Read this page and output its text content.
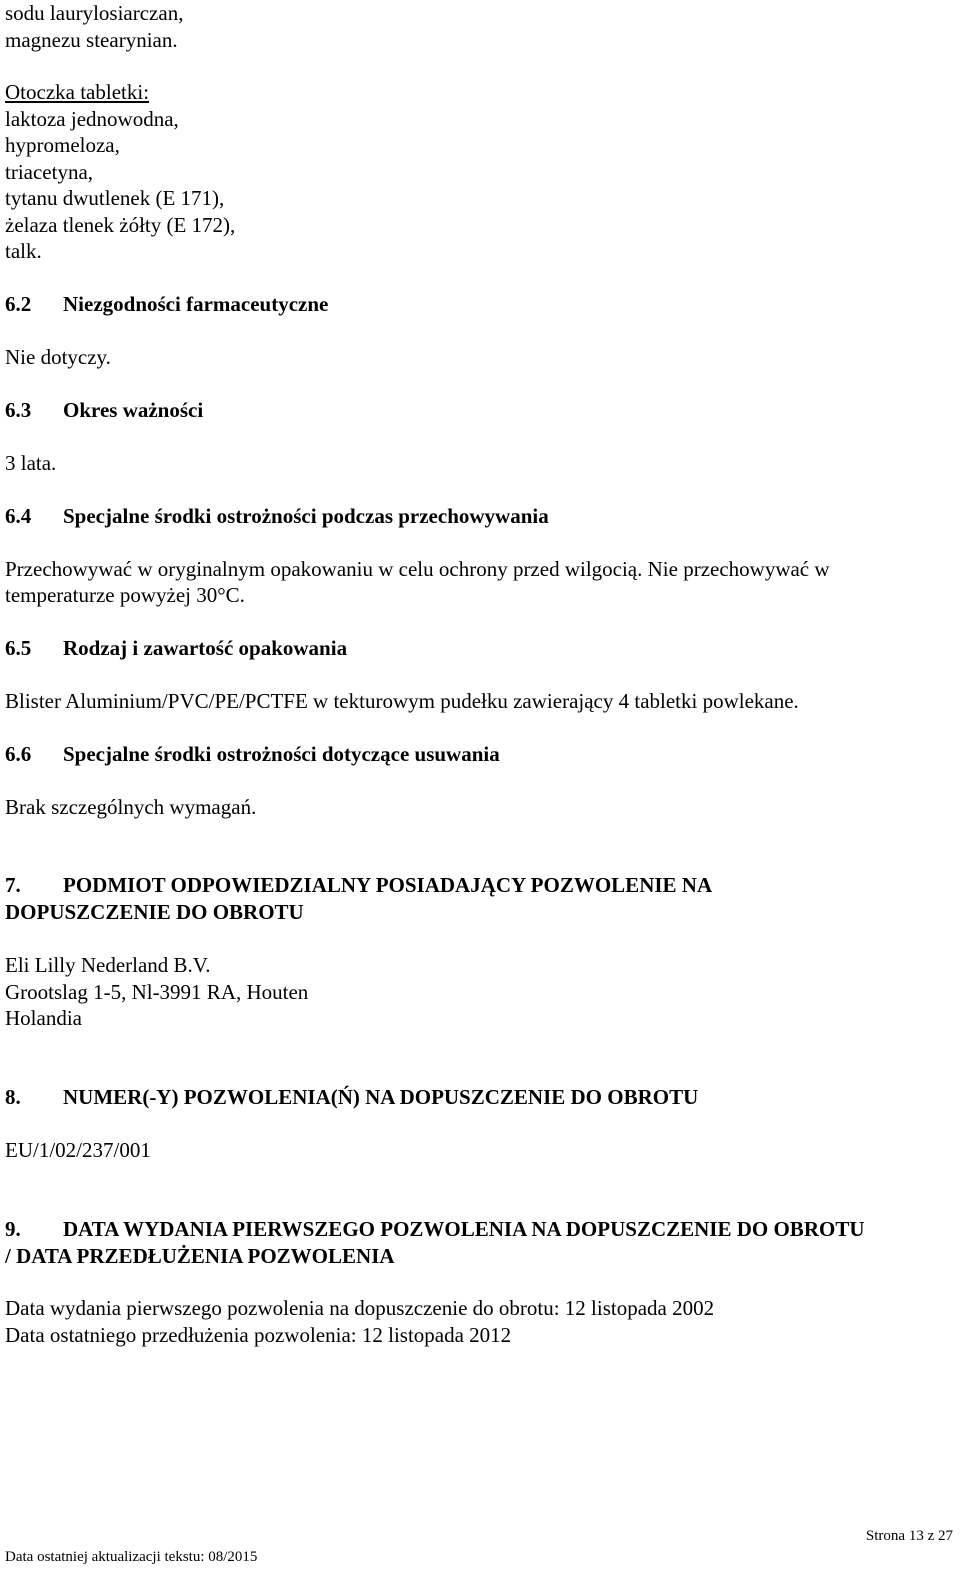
sodu laurylosiarczan,
magnezu stearynian.
Otoczka tabletki:
laktoza jednowodna,
hypromeloza,
triacetyna,
tytanu dwutlenek (E 171),
żelaza tlenek żółty (E 172),
talk.
6.2 Niezgodności farmaceutyczne
Nie dotyczy.
6.3 Okres ważności
3 lata.
6.4 Specjalne środki ostrożności podczas przechowywania
Przechowywać w oryginalnym opakowaniu w celu ochrony przed wilgocią. Nie przechowywać w
temperaturze powyżej 30°C.
6.5 Rodzaj i zawartość opakowania
Blister Aluminium/PVC/PE/PCTFE w tekturowym pudełku zawierający 4 tabletki powlekane.
6.6 Specjalne środki ostrożności dotyczące usuwania
Brak szczególnych wymagań.
7. PODMIOT ODPOWIEDZIALNY POSIADAJĄCY POZWOLENIE NA
DOPUSZCZENIE DO OBROTU
Eli Lilly Nederland B.V.
Grootslag 1-5, Nl-3991 RA, Houten
Holandia
8. NUMER(-Y) POZWOLENIA(Ń) NA DOPUSZCZENIE DO OBROTU
EU/1/02/237/001
9. DATA WYDANIA PIERWSZEGO POZWOLENIA NA DOPUSZCZENIE DO OBROTU
/ DATA PRZEDŁUŻENIA POZWOLENIA
Data wydania pierwszego pozwolenia na dopuszczenie do obrotu: 12 listopada 2002
Data ostatniego przedłużenia pozwolenia: 12 listopada 2012
Strona 13 z 27
Data ostatniej aktualizacji tekstu: 08/2015
